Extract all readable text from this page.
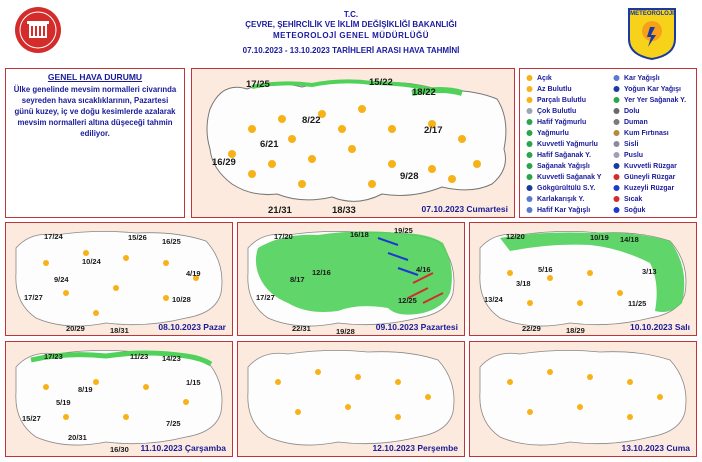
T.C.
ÇEVRE, ŞEHİRCİLİK VE İKLİM DEĞİŞİKLİĞİ BAKANLIĞI
METEOROLOJİ GENEL MÜDÜRLÜĞÜ
07.10.2023 - 13.10.2023 TARİHLERİ ARASI HAVA TAHMİNİ
METEOROLOJİ
GENEL HAVA DURUMU
Ülke genelinde mevsim normalleri civarında seyreden hava sıcaklıklarının, Pazartesi günü kuzey, iç ve doğu kesimlerde azalarak mevsim normalleri altına düşeceği tahmin ediliyor.
17/25	15/22
18/22
8/22
2/17
6/21
16/29
9/28
21/31	18/33	07.10.2023 Cumartesi
Açık
Az Bulutlu
Parçalı Bulutlu
Çok Bulutlu
Hafif Yağmurlu
Yağmurlu
Kuvvetli Yağmurlu
Hafif Sağanak Y.
Sağanak Yağışlı
Kuvvetli Sağanak Y
Gökgürültülü S.Y.
Karlakarışık Y.
Hafif Kar Yağışlı
Kar Yağışlı
Yoğun Kar Yağışı
Yer Yer Sağanak Y.
Dolu
Duman
Kum Fırtınası
Sisli
Puslu
Kuvvetli Rüzgar
Güneyli Rüzgar
Kuzeyli Rüzgar
Sıcak
Soğuk
17/24	15/26 16/25
10/24
4/19
9/24
17/27	10/28
20/29	18/31	08.10.2023 Pazar
17/20	16/18	19/25
8/17
12/16	4/16
17/27	12/25
22/31	19/28 09.10.2023 Pazartesi
12/20	10/19 14/18
5/16
3/18
3/13
13/24	11/25
22/29	18/29	10.10.2023 Salı
17/23	11/23 14/23
8/19
1/15
5/19
15/27
7/25
20/31
16/30 11.10.2023 Çarşamba	12.10.2023 Perşembe	13.10.2023 Cuma
